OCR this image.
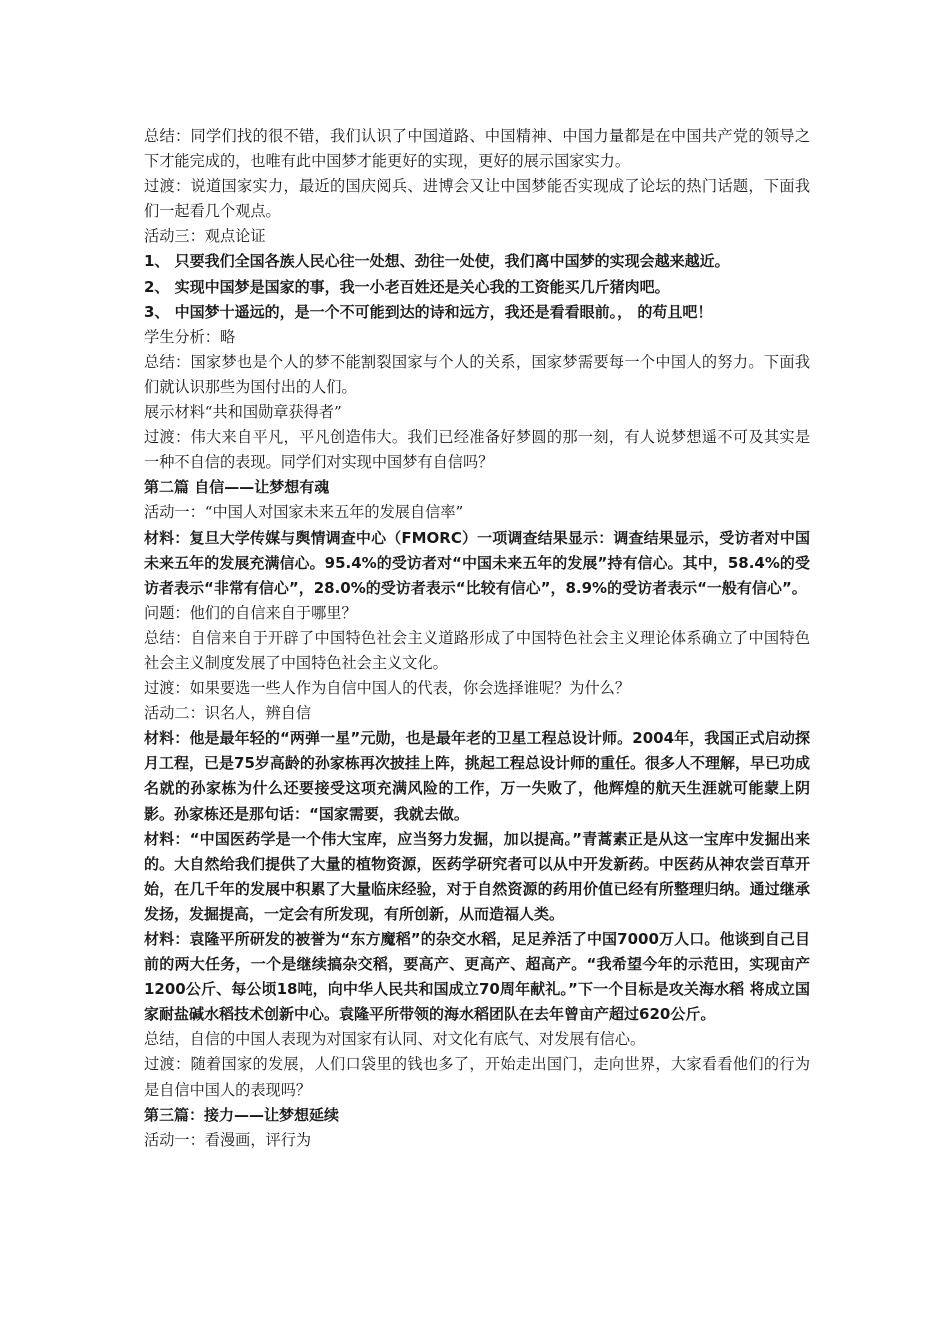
总结：同学们找的很不错，我们认识了中国道路、中国精神、中国力量都是在中国共产党的领导之下才能完成的，也唯有此中国梦才能更好的实现，更好的展示国家实力。

过渡：说道国家实力，最近的国庆阅兵、进博会又让中国梦能否实现成了论坛的热门话题，下面我们一起看几个观点。

活动三：观点论证

1、 只要我们全国各族人民心往一处想、劲往一处使，我们离中国梦的实现会越来越近。

2、 实现中国梦是国家的事，我一小老百姓还是关心我的工资能买几斤猪肉吧。

3、 中国梦十遥远的，是一个不可能到达的诗和远方，我还是看看眼前。， 的苟且吧！

学生分析：略

总结：国家梦也是个人的梦不能割裂国家与个人的关系，国家梦需要每一个中国人的努力。下面我们就认识那些为国付出的人们。

展示材料“共和国勋章获得者”

过渡：伟大来自平凡，平凡创造伟大。我们已经准备好梦圆的那一刻，有人说梦想遥不可及其实是一种不自信的表现。同学们对实现中国梦有自信吗？

第二篇 自信——让梦想有魂

活动一：“中国人对国家未来五年的发展自信率”

材料：复旦大学传媒与舆情调查中心（FMORC）一项调查结果显示：调查结果显示，受访者对中国未来五年的发展充满信心。95.4%的受访者对“中国未来五年的发展”持有信心。其中，58.4%的受访者表示“非常有信心”，28.0%的受访者表示“比较有信心”，8.9%的受访者表示“一般有信心”。

问题：他们的自信来自于哪里？

总结：自信来自于开辟了中国特色社会主义道路形成了中国特色社会主义理论体系确立了中国特色社会主义制度发展了中国特色社会主义文化。

过渡：如果要选一些人作为自信中国人的代表，你会选择谁呢？为什么？

活动二：识名人，辨自信

材料：他是最年轻的“两弹一星”元勋，也是最年老的卫星工程总设计师。2004年，我国正式启动探月工程，已是75岁高龄的孙家栋再次披挂上阵，挑起工程总设计师的重任。很多人不理解，早已功成名就的孙家栋为什么还要接受这项充满风险的工作，万一失败了，他辉煌的航天生涯就可能蒙上阴影。孙家栋还是那句话：“国家需要，我就去做。

材料：“中国医药学是一个伟大宝库，应当努力发掘，加以提高。”青蒿素正是从这一宝库中发掘出来的。大自然给我们提供了大量的植物资源，医药学研究者可以从中开发新药。中医药从神农尝百草开始，在几千年的发展中积累了大量临床经验，对于自然资源的药用价值已经有所整理归纳。通过继承发扬，发掘提高，一定会有所发现，有所创新，从而造福人类。

材料：袁隆平所研发的被誉为“东方魔稻”的杂交水稻，足足养活了中国7000万人口。他谈到自己目前的两大任务，一个是继续搞杂交稻，要高产、更高产、超高产。“我希望今年的示范田，实现亩产1200公斤、每公顷18吨，向中华人民共和国成立70周年献礼。”下一个目标是攻关海水稻 将成立国家耐盐碱水稻技术创新中心。袁隆平所带领的海水稻团队在去年曾亩产超过620公斤。

总结，自信的中国人表现为对国家有认同、对文化有底气、对发展有信心。

过渡：随着国家的发展，人们口袋里的钱也多了，开始走出国门，走向世界，大家看看他们的行为是自信中国人的表现吗？

第三篇：接力——让梦想延续

活动一：看漫画，评行为
